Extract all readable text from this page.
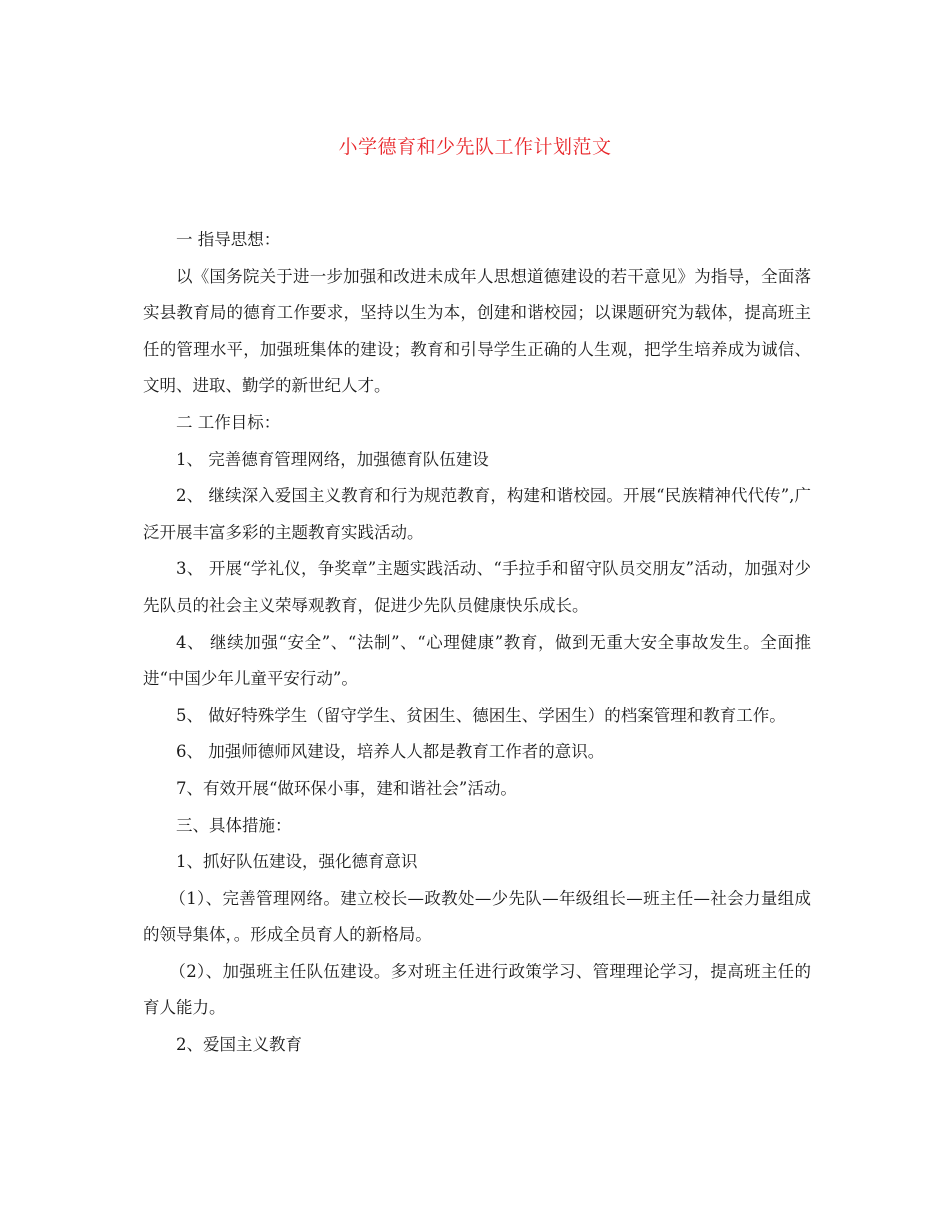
小学德育和少先队工作计划范文

一 指导思想：

以《国务院关于进一步加强和改进未成年人思想道德建设的若干意见》为指导，全面落实县教育局的德育工作要求，坚持以生为本，创建和谐校园；以课题研究为载体，提高班主任的管理水平，加强班集体的建设；教育和引导学生正确的人生观，把学生培养成为诚信、文明、进取、勤学的新世纪人才。

二 工作目标：

1、 完善德育管理网络，加强德育队伍建设

2、 继续深入爱国主义教育和行为规范教育，构建和谐校园。开展“民族精神代代传”,广泛开展丰富多彩的主题教育实践活动。

3、 开展“学礼仪，争奖章”主题实践活动、“手拉手和留守队员交朋友”活动，加强对少先队员的社会主义荣辱观教育，促进少先队员健康快乐成长。

4、 继续加强“安全”、“法制”、“心理健康”教育，做到无重大安全事故发生。全面推进“中国少年儿童平安行动”。

5、 做好特殊学生（留守学生、贫困生、德困生、学困生）的档案管理和教育工作。

6、 加强师德师风建设，培养人人都是教育工作者的意识。

7、有效开展“做环保小事，建和谐社会”活动。

三、具体措施：

1、抓好队伍建设，强化德育意识

（1）、完善管理网络。建立校长—政教处—少先队—年级组长—班主任—社会力量组成的领导集体，。形成全员育人的新格局。

（2）、加强班主任队伍建设。多对班主任进行政策学习、管理理论学习，提高班主任的育人能力。

2、爱国主义教育
